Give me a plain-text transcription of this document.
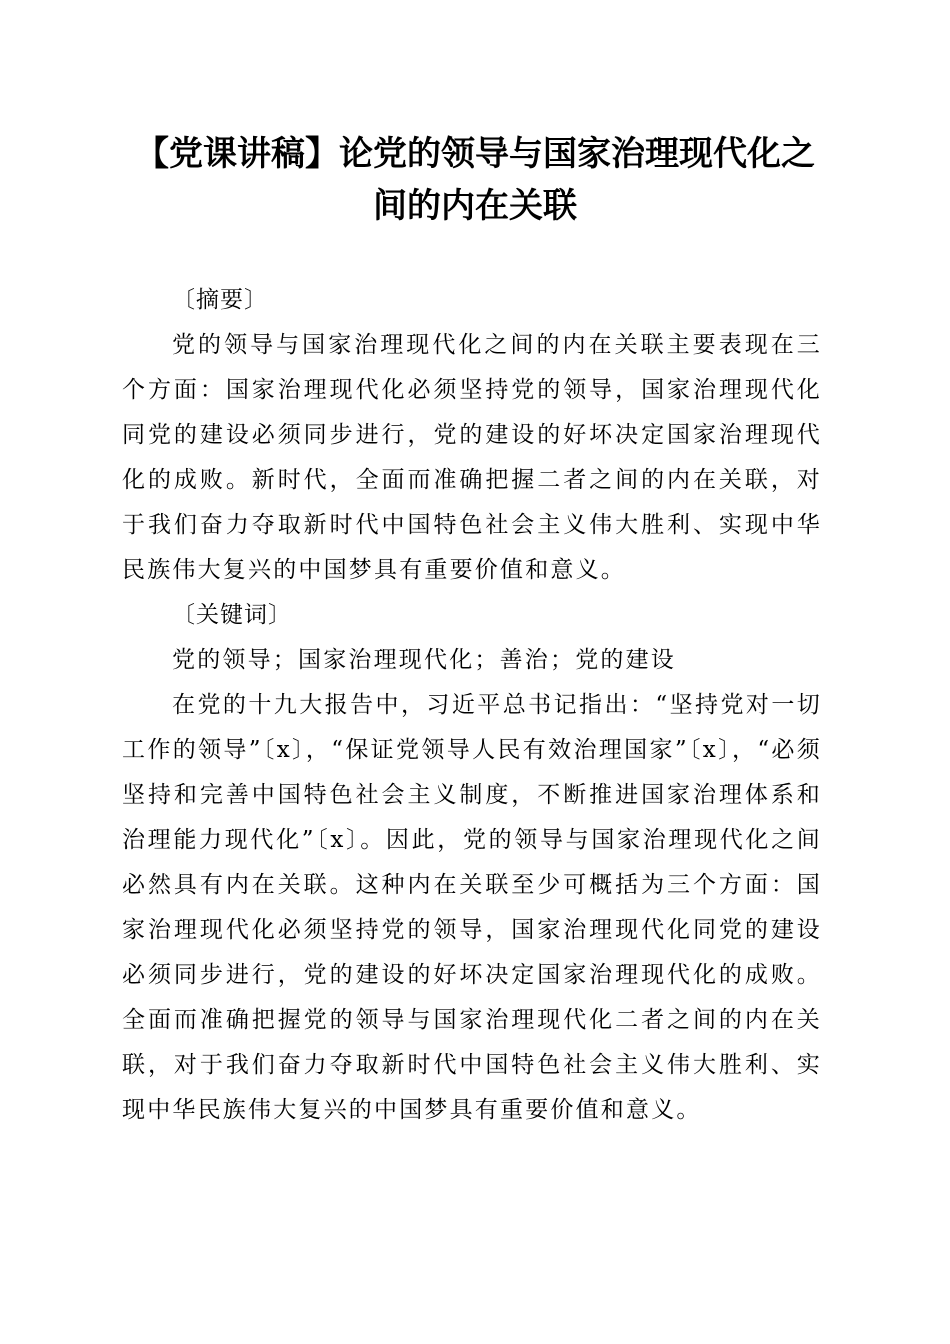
【党课讲稿】论党的领导与国家治理现代化之
间的内在关联

〔摘要〕

党的领导与国家治理现代化之间的内在关联主要表现在三个方面：国家治理现代化必须坚持党的领导，国家治理现代化同党的建设必须同步进行，党的建设的好坏决定国家治理现代化的成败。新时代，全面而准确把握二者之间的内在关联，对于我们奋力夺取新时代中国特色社会主义伟大胜利、实现中华民族伟大复兴的中国梦具有重要价值和意义。

〔关键词〕

党的领导；国家治理现代化；善治；党的建设

在党的十九大报告中，习近平总书记指出：“坚持党对一切工作的领导”〔x〕，“保证党领导人民有效治理国家”〔x〕，“必须坚持和完善中国特色社会主义制度，不断推进国家治理体系和治理能力现代化”〔x〕。因此，党的领导与国家治理现代化之间必然具有内在关联。这种内在关联至少可概括为三个方面：国家治理现代化必须坚持党的领导，国家治理现代化同党的建设必须同步进行，党的建设的好坏决定国家治理现代化的成败。全面而准确把握党的领导与国家治理现代化二者之间的内在关联，对于我们奋力夺取新时代中国特色社会主义伟大胜利、实现中华民族伟大复兴的中国梦具有重要价值和意义。
